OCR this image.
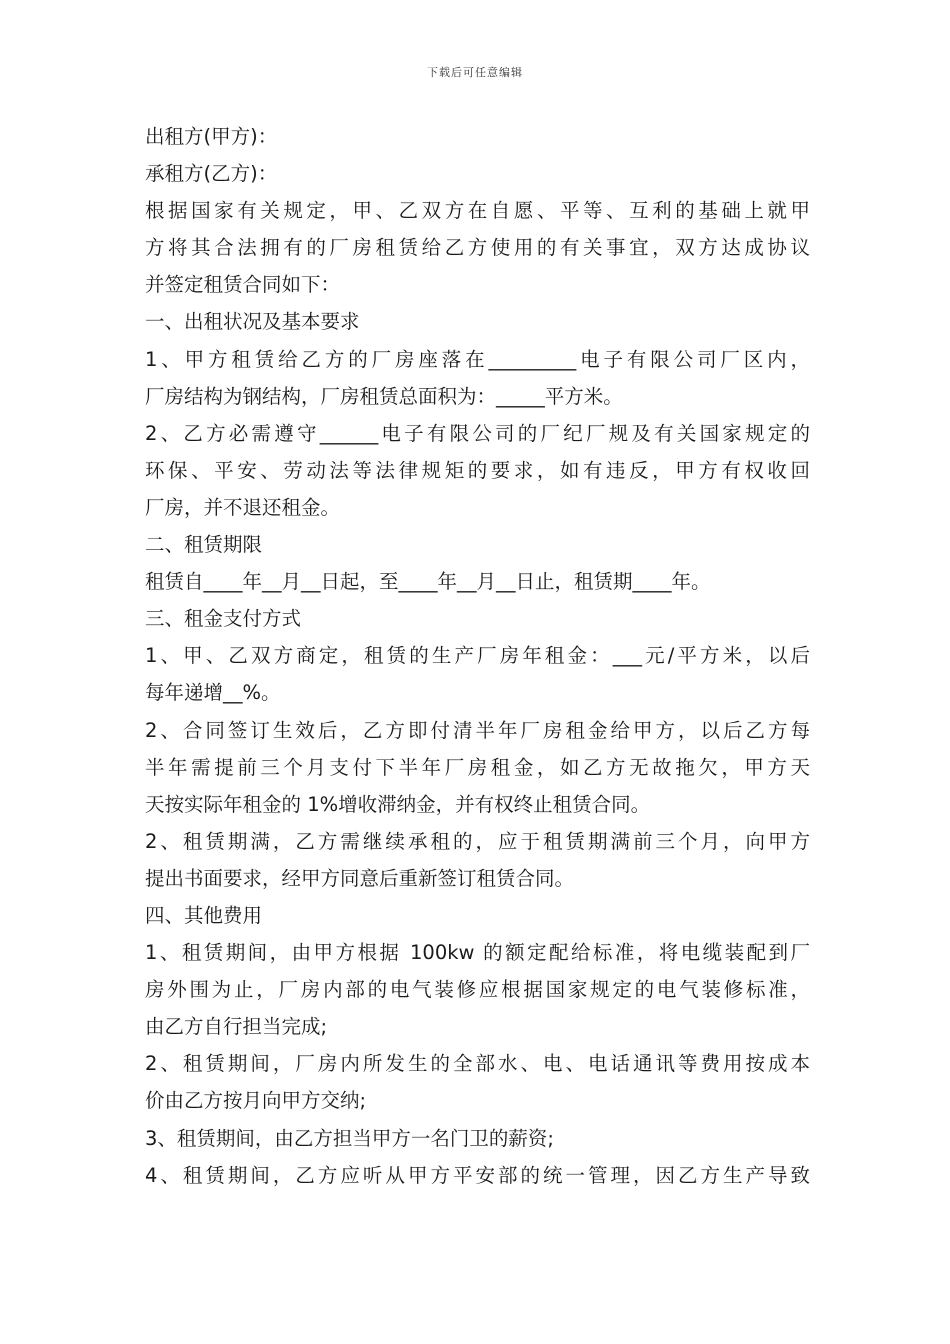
下载后可任意编辑
出租方(甲方)：
承租方(乙方)：
根据国家有关规定，甲、乙双方在自愿、平等、互利的基础上就甲
方将其合法拥有的厂房租赁给乙方使用的有关事宜，双方达成协议
并签定租赁合同如下：
一、出租状况及基本要求
1、甲方租赁给乙方的厂房座落在_________电子有限公司厂区内，
厂房结构为钢结构，厂房租赁总面积为：_____平方米。
2、乙方必需遵守______电子有限公司的厂纪厂规及有关国家规定的
环保、平安、劳动法等法律规矩的要求，如有违反，甲方有权收回
厂房，并不退还租金。
二、租赁期限
租赁自____年__月__日起，至____年__月__日止，租赁期____年。
三、租金支付方式
1、甲、乙双方商定，租赁的生产厂房年租金：___元/平方米，以后
每年递增__%。
2、合同签订生效后，乙方即付清半年厂房租金给甲方，以后乙方每
半年需提前三个月支付下半年厂房租金，如乙方无故拖欠，甲方天
天按实际年租金的 1%增收滞纳金，并有权终止租赁合同。
2、租赁期满，乙方需继续承租的，应于租赁期满前三个月，向甲方
提出书面要求，经甲方同意后重新签订租赁合同。
四、其他费用
1、租赁期间，由甲方根据 100kw 的额定配给标准，将电缆装配到厂
房外围为止，厂房内部的电气装修应根据国家规定的电气装修标准，
由乙方自行担当完成;
2、租赁期间，厂房内所发生的全部水、电、电话通讯等费用按成本
价由乙方按月向甲方交纳;
3、租赁期间，由乙方担当甲方一名门卫的薪资;
4、租赁期间，乙方应听从甲方平安部的统一管理，因乙方生产导致
